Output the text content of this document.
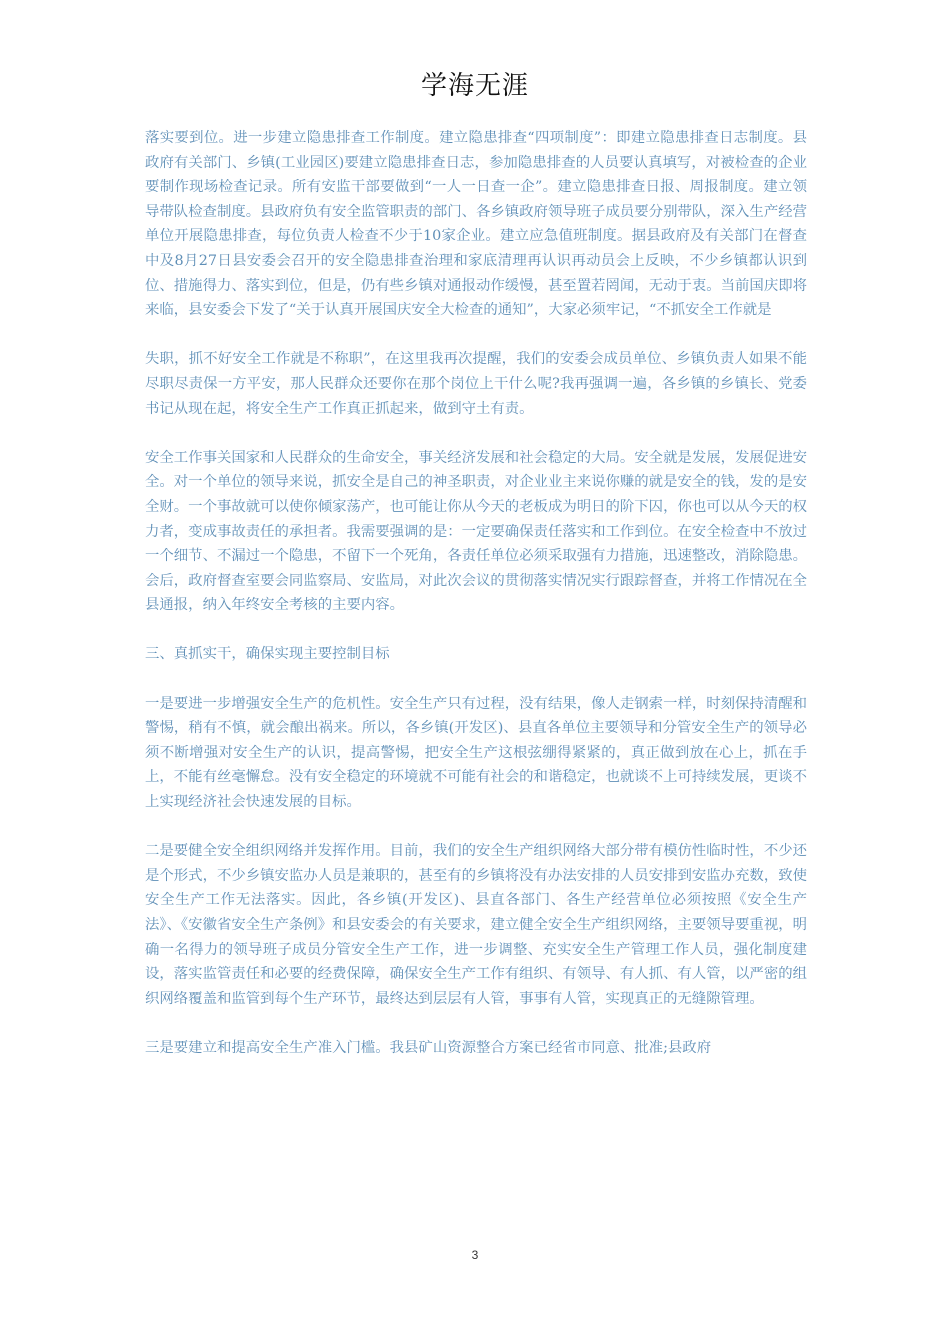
学海无涯

落实要到位。进一步建立隐患排查工作制度。建立隐患排查“四项制度”：即建立隐患排查日志制度。县政府有关部门、乡镇(工业园区)要建立隐患排查日志，参加隐患排查的人员要认真填写，对被检查的企业要制作现场检查记录。所有安监干部要做到“一人一日查一企”。建立隐患排查日报、周报制度。建立领导带队检查制度。县政府负有安全监管职责的部门、各乡镇政府领导班子成员要分别带队，深入生产经营单位开展隐患排查，每位负责人检查不少于10家企业。建立应急值班制度。据县政府及有关部门在督查中及8月27日县安委会召开的安全隐患排查治理和家底清理再认识再动员会上反映，不少乡镇都认识到位、措施得力、落实到位，但是，仍有些乡镇对通报动作缓慢，甚至置若罔闻，无动于衷。当前国庆即将来临，县安委会下发了“关于认真开展国庆安全大检查的通知”，大家必须牢记，“不抓安全工作就是

失职，抓不好安全工作就是不称职”，在这里我再次提醒，我们的安委会成员单位、乡镇负责人如果不能尽职尽责保一方平安，那人民群众还要你在那个岗位上干什么呢?我再强调一遍，各乡镇的乡镇长、党委书记从现在起，将安全生产工作真正抓起来，做到守土有责。

安全工作事关国家和人民群众的生命安全，事关经济发展和社会稳定的大局。安全就是发展，发展促进安全。对一个单位的领导来说，抓安全是自己的神圣职责，对企业业主来说你赚的就是安全的钱，发的是安全财。一个事故就可以使你倾家荡产，也可能让你从今天的老板成为明日的阶下囚，你也可以从今天的权力者，变成事故责任的承担者。我需要强调的是：一定要确保责任落实和工作到位。在安全检查中不放过一个细节、不漏过一个隐患，不留下一个死角，各责任单位必须采取强有力措施，迅速整改，消除隐患。会后，政府督查室要会同监察局、安监局，对此次会议的贯彻落实情况实行跟踪督查，并将工作情况在全县通报，纳入年终安全考核的主要内容。

三、真抓实干，确保实现主要控制目标

一是要进一步增强安全生产的危机性。安全生产只有过程，没有结果，像人走钢索一样，时刻保持清醒和警惕，稍有不慎，就会酿出祸来。所以，各乡镇(开发区)、县直各单位主要领导和分管安全生产的领导必须不断增强对安全生产的认识，提高警惕，把安全生产这根弦绷得紧紧的，真正做到放在心上，抓在手上，不能有丝毫懈怠。没有安全稳定的环境就不可能有社会的和谐稳定，也就谈不上可持续发展，更谈不上实现经济社会快速发展的目标。

二是要健全安全组织网络并发挥作用。目前，我们的安全生产组织网络大部分带有模仿性临时性，不少还是个形式，不少乡镇安监办人员是兼职的，甚至有的乡镇将没有办法安排的人员安排到安监办充数，致使安全生产工作无法落实。因此，各乡镇(开发区)、县直各部门、各生产经营单位必须按照《安全生产法》、《安徽省安全生产条例》和县安委会的有关要求，建立健全安全生产组织网络，主要领导要重视，明确一名得力的领导班子成员分管安全生产工作，进一步调整、充实安全生产管理工作人员，强化制度建设，落实监管责任和必要的经费保障，确保安全生产工作有组织、有领导、有人抓、有人管，以严密的组织网络覆盖和监管到每个生产环节，最终达到层层有人管，事事有人管，实现真正的无缝隙管理。

三是要建立和提高安全生产准入门槛。我县矿山资源整合方案已经省市同意、批准;县政府

3
